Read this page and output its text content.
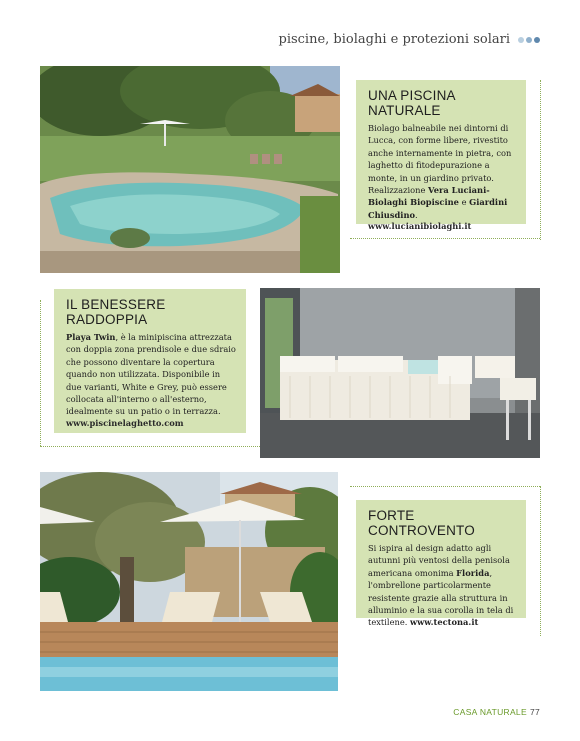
piscine, biolaghi e protezioni solari
UNA PISCINA NATURALE

Biolago balneabile nei dintorni di Lucca, con forme libere, rivestito anche internamente in pietra, con laghetto di fitodepurazione a monte, in un giardino privato. Realizzazione Vera Luciani-Biolaghi Biopiscine e Giardini Chiusdino.

www.lucianibiolaghi.it
IL BENESSERE RADDOPPIA

Playa Twin, è la minipiscina attrezzata con doppia zona prendisole e due sdraio che possono diventare la copertura quando non utilizzata. Disponibile in due varianti, White e Grey, può essere collocata all'interno o all'esterno, idealmente su un patio o in terrazza.

www.piscinelaghetto.com
FORTE CONTROVENTO

Si ispira al design adatto agli autunni più ventosi della penisola americana omonima Florida, l'ombrellone particolarmente resistente grazie alla struttura in alluminio e la sua corolla in tela di textilene. www.tectona.it

CASA NATURALE 77
